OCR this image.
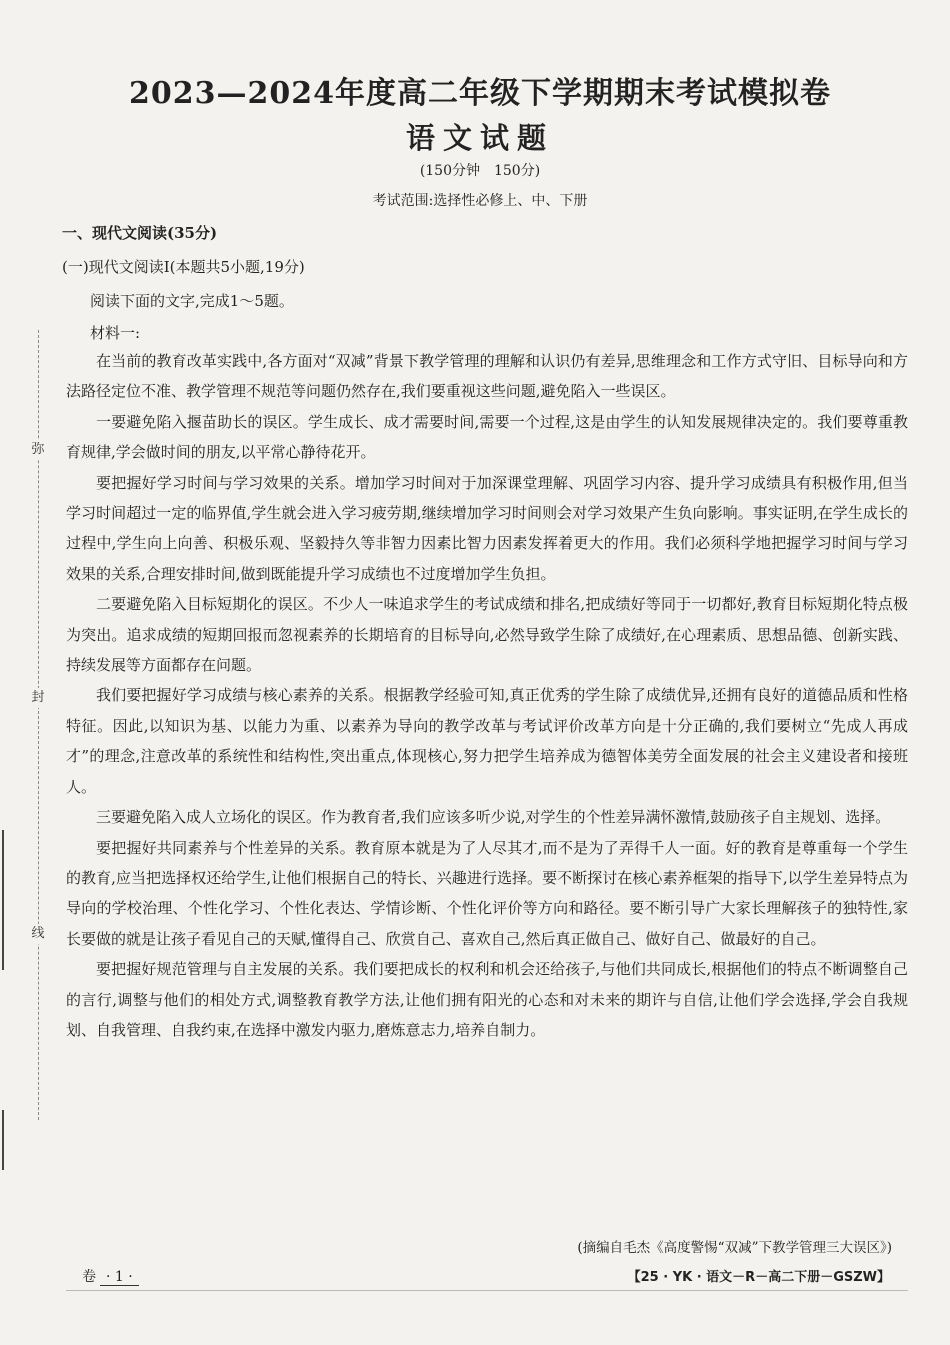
弥
封
线
2023—2024年度高二年级下学期期末考试模拟卷
语文试题
(150分钟　150分)
考试范围:选择性必修上、中、下册
一、现代文阅读(35分)
(一)现代文阅读Ⅰ(本题共5小题,19分)
阅读下面的文字,完成1～5题。
材料一:

在当前的教育改革实践中,各方面对“双减”背景下教学管理的理解和认识仍有差异,思维理念和工作方式守旧、目标导向和方法路径定位不准、教学管理不规范等问题仍然存在,我们要重视这些问题,避免陷入一些误区。

一要避免陷入揠苗助长的误区。学生成长、成才需要时间,需要一个过程,这是由学生的认知发展规律决定的。我们要尊重教育规律,学会做时间的朋友,以平常心静待花开。

要把握好学习时间与学习效果的关系。增加学习时间对于加深课堂理解、巩固学习内容、提升学习成绩具有积极作用,但当学习时间超过一定的临界值,学生就会进入学习疲劳期,继续增加学习时间则会对学习效果产生负向影响。事实证明,在学生成长的过程中,学生向上向善、积极乐观、坚毅持久等非智力因素比智力因素发挥着更大的作用。我们必须科学地把握学习时间与学习效果的关系,合理安排时间,做到既能提升学习成绩也不过度增加学生负担。

二要避免陷入目标短期化的误区。不少人一味追求学生的考试成绩和排名,把成绩好等同于一切都好,教育目标短期化特点极为突出。追求成绩的短期回报而忽视素养的长期培育的目标导向,必然导致学生除了成绩好,在心理素质、思想品德、创新实践、持续发展等方面都存在问题。

我们要把握好学习成绩与核心素养的关系。根据教学经验可知,真正优秀的学生除了成绩优异,还拥有良好的道德品质和性格特征。因此,以知识为基、以能力为重、以素养为导向的教学改革与考试评价改革方向是十分正确的,我们要树立“先成人再成才”的理念,注意改革的系统性和结构性,突出重点,体现核心,努力把学生培养成为德智体美劳全面发展的社会主义建设者和接班人。

三要避免陷入成人立场化的误区。作为教育者,我们应该多听少说,对学生的个性差异满怀激情,鼓励孩子自主规划、选择。

要把握好共同素养与个性差异的关系。教育原本就是为了人尽其才,而不是为了弄得千人一面。好的教育是尊重每一个学生的教育,应当把选择权还给学生,让他们根据自己的特长、兴趣进行选择。要不断探讨在核心素养框架的指导下,以学生差异特点为导向的学校治理、个性化学习、个性化表达、学情诊断、个性化评价等方向和路径。要不断引导广大家长理解孩子的独特性,家长要做的就是让孩子看见自己的天赋,懂得自己、欣赏自己、喜欢自己,然后真正做自己、做好自己、做最好的自己。

要把握好规范管理与自主发展的关系。我们要把成长的权利和机会还给孩子,与他们共同成长,根据他们的特点不断调整自己的言行,调整与他们的相处方式,调整教育教学方法,让他们拥有阳光的心态和对未来的期许与自信,让他们学会选择,学会自我规划、自我管理、自我约束,在选择中激发内驱力,磨炼意志力,培养自制力。

(摘编自毛杰《高度警惕“双减”下教学管理三大误区》)
卷 · 1 ·	【25 · YK · 语文－R－高二下册－GSZW】
